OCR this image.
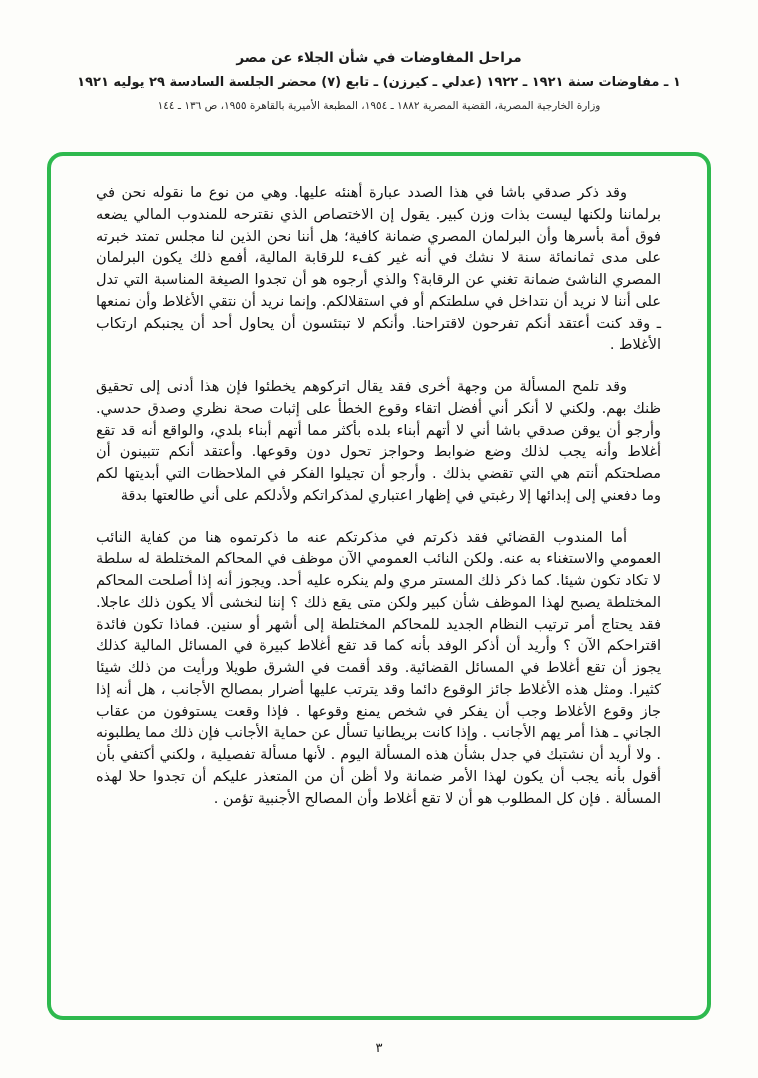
مراحل المفاوضات في شأن الجلاء عن مصر

١ ـ مفاوضات سنة ١٩٢١ ـ ١٩٢٢ (عدلي ـ كيرزن) ـ تابع (٧) محضر الجلسة السادسة ٢٩ يوليه ١٩٢١

وزارة الخارجية المصرية، القضية المصرية ١٨٨٢ ـ ١٩٥٤، المطبعة الأميرية بالقاهرة ١٩٥٥، ص ١٣٦ ـ ١٤٤

وقد ذكر صدقي باشا في هذا الصدد عبارة أهنئه عليها. وهي من نوع ما نقوله نحن في برلماننا ولكنها ليست بذات وزن كبير. يقول إن الاختصاص الذي نقترحه للمندوب المالي يضعه فوق أمة بأسرها وأن البرلمان المصري ضمانة كافية؛ هل أننا نحن الذين لنا مجلس تمتد خبرته على مدى ثمانمائة سنة لا نشك في أنه غير كفء للرقابة المالية، أفمع ذلك يكون البرلمان المصري الناشئ ضمانة تغني عن الرقابة؟ والذي أرجوه هو أن تجدوا الصيغة المناسبة التي تدل على أننا لا نريد أن نتداخل في سلطتكم أو في استقلالكم. وإنما نريد أن نتقي الأغلاط وأن نمنعها ـ وقد كنت أعتقد أنكم تفرحون لاقتراحنا. وأنكم لا تبتئسون أن يحاول أحد أن يجنبكم ارتكاب الأغلاط .

وقد تلمح المسألة من وجهة أخرى فقد يقال اتركوهم يخطئوا فإن هذا أدنى إلى تحقيق ظنك بهم. ولكني لا أنكر أني أفضل اتقاء وقوع الخطأ على إثبات صحة نظري وصدق حدسي. وأرجو أن يوقن صدقي باشا أني لا أتهم أبناء بلده بأكثر مما أتهم أبناء بلدي، والواقع أنه قد تقع أغلاط وأنه يجب لذلك وضع ضوابط وحواجز تحول دون وقوعها. وأعتقد أنكم تتبينون أن مصلحتكم أنتم هي التي تقضي بذلك . وأرجو أن تجيلوا الفكر في الملاحظات التي أبديتها لكم وما دفعني إلى إبدائها إلا رغبتي في إظهار اعتباري لمذكراتكم ولأدلكم على أني طالعتها بدقة

أما المندوب القضائي فقد ذكرتم في مذكرتكم عنه ما ذكرتموه هنا من كفاية النائب العمومي والاستغناء به عنه. ولكن النائب العمومي الآن موظف في المحاكم المختلطة له سلطة لا تكاد تكون شيئا. كما ذكر ذلك المستر مري ولم ينكره عليه أحد. ويجوز أنه إذا أصلحت المحاكم المختلطة يصبح لهذا الموظف شأن كبير ولكن متى يقع ذلك ؟ إننا لنخشى ألا يكون ذلك عاجلا. فقد يحتاج أمر ترتيب النظام الجديد للمحاكم المختلطة إلى أشهر أو سنين. فماذا تكون فائدة اقتراحكم الآن ؟ وأريد أن أذكر الوفد بأنه كما قد تقع أغلاط كبيرة في المسائل المالية كذلك يجوز أن تقع أغلاط في المسائل القضائية. وقد أقمت في الشرق طويلا ورأيت من ذلك شيئا كثيرا. ومثل هذه الأغلاط جائز الوقوع دائما وقد يترتب عليها أضرار بمصالح الأجانب ، هل أنه إذا جاز وقوع الأغلاط وجب أن يفكر في شخص يمنع وقوعها . فإذا وقعت يستوفون من عقاب الجاني ـ هذا أمر يهم الأجانب . وإذا كانت بريطانيا تسأل عن حماية الأجانب فإن ذلك مما يطلبونه . ولا أريد أن نشتبك في جدل بشأن هذه المسألة اليوم . لأنها مسألة تفصيلية ، ولكني أكتفي بأن أقول بأنه يجب أن يكون لهذا الأمر ضمانة ولا أظن أن من المتعذر عليكم أن تجدوا حلا لهذه المسألة . فإن كل المطلوب هو أن لا تقع أغلاط وأن المصالح الأجنبية تؤمن .

٣
